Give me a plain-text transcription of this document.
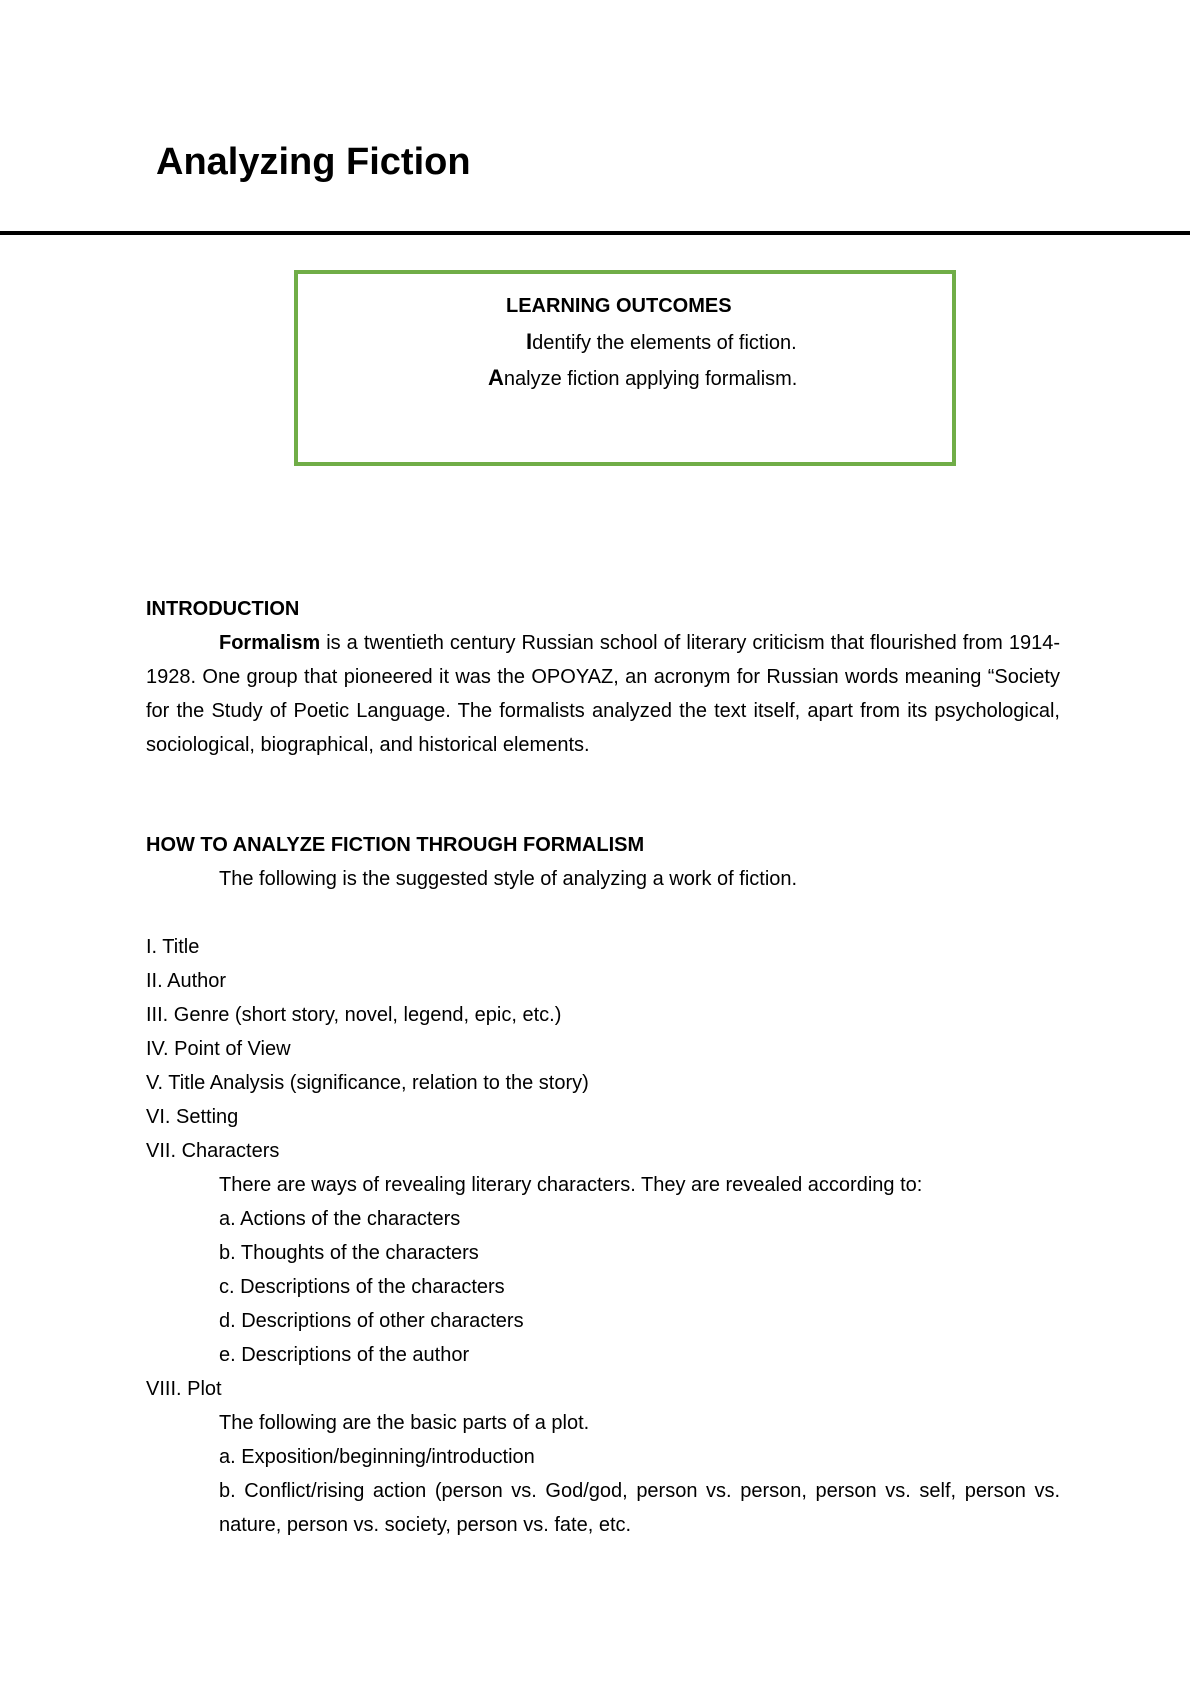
Analyzing Fiction
LEARNING OUTCOMES
Identify the elements of fiction.
Analyze fiction applying formalism.
INTRODUCTION
Formalism is a twentieth century Russian school of literary criticism that flourished from 1914-1928. One group that pioneered it was the OPOYAZ, an acronym for Russian words meaning “Society for the Study of Poetic Language. The formalists analyzed the text itself, apart from its psychological, sociological, biographical, and historical elements.
HOW TO ANALYZE FICTION THROUGH FORMALISM
The following is the suggested style of analyzing a work of fiction.
I. Title
II. Author
III. Genre (short story, novel, legend, epic, etc.)
IV. Point of View
V. Title Analysis (significance, relation to the story)
VI. Setting
VII. Characters
There are ways of revealing literary characters. They are revealed according to:
a. Actions of the characters
b. Thoughts of the characters
c. Descriptions of the characters
d. Descriptions of other characters
e. Descriptions of the author
VIII. Plot
The following are the basic parts of a plot.
a. Exposition/beginning/introduction
b. Conflict/rising action (person vs. God/god, person vs. person, person vs. self, person vs. nature, person vs. society, person vs. fate, etc.
